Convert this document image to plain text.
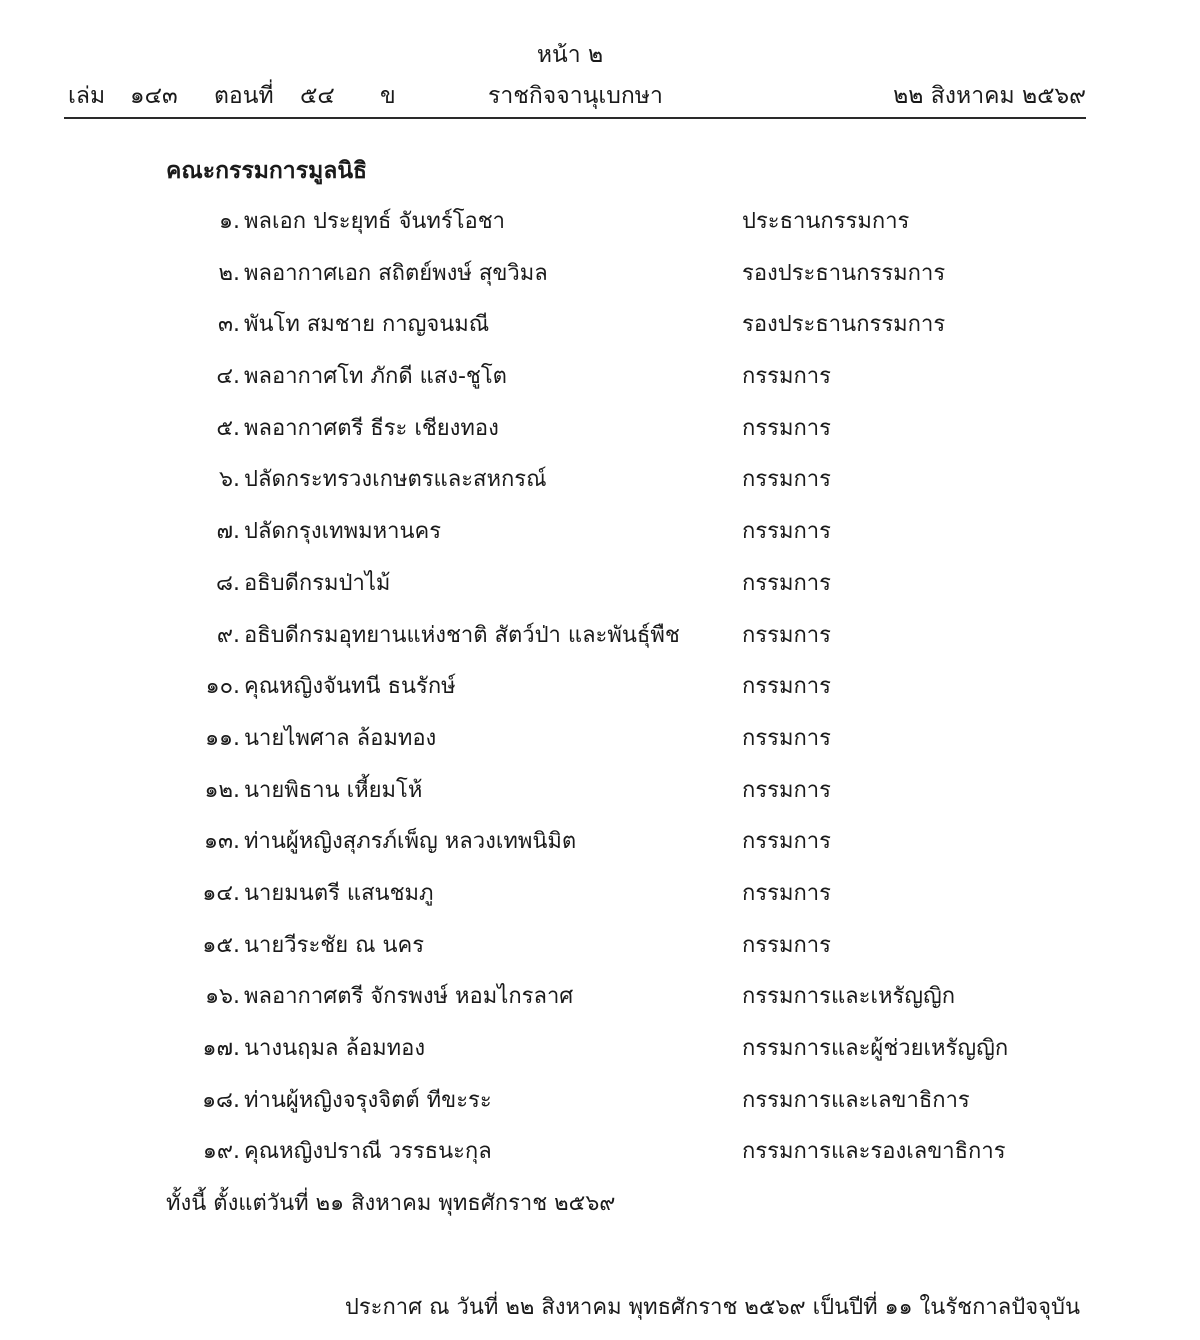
หน้า ๒
เล่ม ๑๔๓ ตอนที่ ๕๔ ข	ราชกิจจานุเบกษา	๒๒ สิงหาคม ๒๕๖๙
คณะกรรมการมูลนิธิ
๑. พลเอก ประยุทธ์ จันทร์โอชา	ประธานกรรมการ
๒. พลอากาศเอก สถิตย์พงษ์ สุขวิมล	รองประธานกรรมการ
๓. พันโท สมชาย กาญจนมณี	รองประธานกรรมการ
๔. พลอากาศโท ภักดี แสง-ชูโต	กรรมการ
๕. พลอากาศตรี ธีระ เชียงทอง	กรรมการ
๖. ปลัดกระทรวงเกษตรและสหกรณ์	กรรมการ
๗. ปลัดกรุงเทพมหานคร	กรรมการ
๘. อธิบดีกรมป่าไม้	กรรมการ
๙. อธิบดีกรมอุทยานแห่งชาติ สัตว์ป่า และพันธุ์พืช	กรรมการ
๑๐. คุณหญิงจันทนี ธนรักษ์	กรรมการ
๑๑. นายไพศาล ล้อมทอง	กรรมการ
๑๒. นายพิธาน เหี้ยมโห้	กรรมการ
๑๓. ท่านผู้หญิงสุภรภ์เพ็ญ หลวงเทพนิมิต	กรรมการ
๑๔. นายมนตรี แสนชมภู	กรรมการ
๑๕. นายวีระชัย ณ นคร	กรรมการ
๑๖. พลอากาศตรี จักรพงษ์ หอมไกรลาศ	กรรมการและเหรัญญิก
๑๗. นางนฤมล ล้อมทอง	กรรมการและผู้ช่วยเหรัญญิก
๑๘. ท่านผู้หญิงจรุงจิตต์ ทีขะระ	กรรมการและเลขาธิการ
๑๙. คุณหญิงปราณี วรรธนะกุล	กรรมการและรองเลขาธิการ
ทั้งนี้ ตั้งแต่วันที่ ๒๑ สิงหาคม พุทธศักราช ๒๕๖๙
ประกาศ ณ วันที่ ๒๒ สิงหาคม พุทธศักราช ๒๕๖๙ เป็นปีที่ ๑๑ ในรัชกาลปัจจุบัน
